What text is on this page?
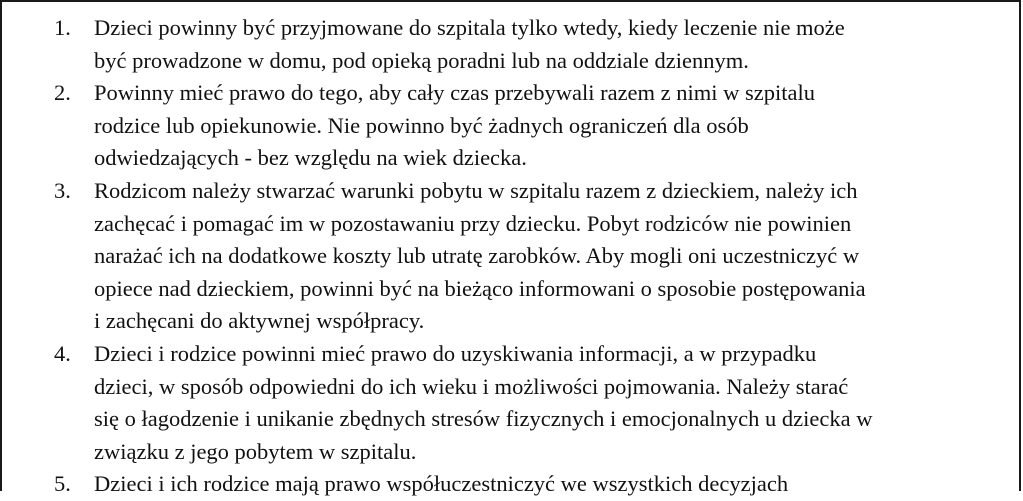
1. Dzieci powinny być przyjmowane do szpitala tylko wtedy, kiedy leczenie nie może
być prowadzone w domu, pod opieką poradni lub na oddziale dziennym.
2. Powinny mieć prawo do tego, aby cały czas przebywali razem z nimi w szpitalu
rodzice lub opiekunowie. Nie powinno być żadnych ograniczeń dla osób
odwiedzających - bez względu na wiek dziecka.
3. Rodzicom należy stwarzać warunki pobytu w szpitalu razem z dzieckiem, należy ich
zachęcać i pomagać im w pozostawaniu przy dziecku. Pobyt rodziców nie powinien
narażać ich na dodatkowe koszty lub utratę zarobków. Aby mogli oni uczestniczyć w
opiece nad dzieckiem, powinni być na bieżąco informowani o sposobie postępowania
i zachęcani do aktywnej współpracy.
4. Dzieci i rodzice powinni mieć prawo do uzyskiwania informacji, a w przypadku
dzieci, w sposób odpowiedni do ich wieku i możliwości pojmowania. Należy starać
się o łagodzenie i unikanie zbędnych stresów fizycznych i emocjonalnych u dziecka w
związku z jego pobytem w szpitalu.
5. Dzieci i ich rodzice mają prawo współuczestniczyć we wszystkich decyzjach
